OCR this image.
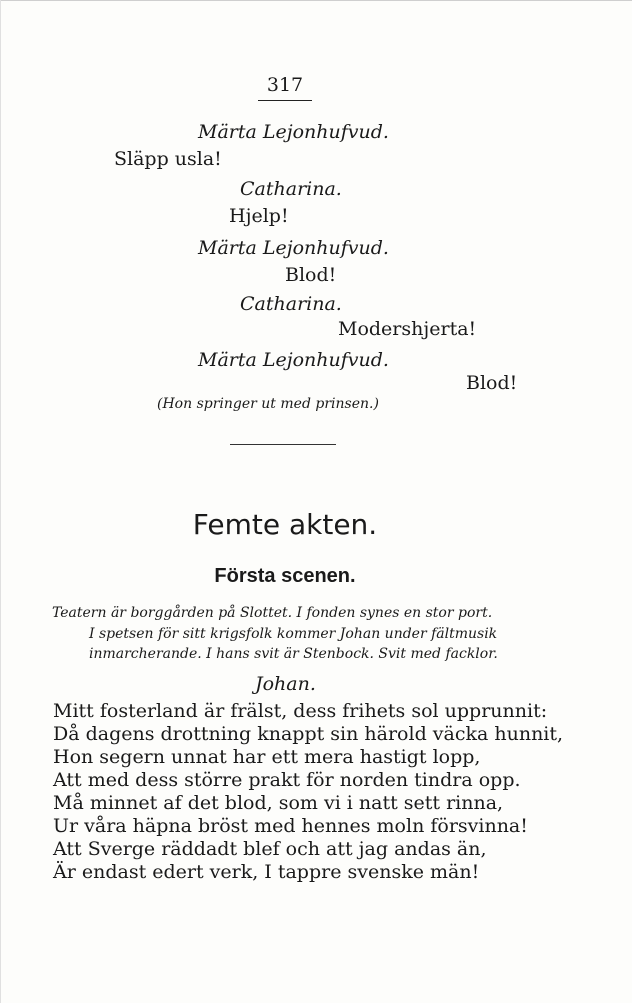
317
Märta Lejonhufvud.
Släpp usla!
Catharina.
Hjelp!
Märta Lejonhufvud.
Blod!
Catharina.
Modershjerta!
Märta Lejonhufvud.
Blod!
(Hon springer ut med prinsen.)
Femte akten.
Första scenen.
Teatern är borggården på Slottet. I fonden synes en stor port.
I spetsen för sitt krigsfolk kommer Johan under fältmusik
inmarcherande. I hans svit är Stenbock. Svit med facklor.
Johan.
Mitt fosterland är frälst, dess frihets sol upprunnit:
Då dagens drottning knappt sin härold väcka hunnit,
Hon segern unnat har ett mera hastigt lopp,
Att med dess större prakt för norden tindra opp.
Må minnet af det blod, som vi i natt sett rinna,
Ur våra häpna bröst med hennes moln försvinna!
Att Sverge räddadt blef och att jag andas än,
Är endast edert verk, I tappre svenske män!
